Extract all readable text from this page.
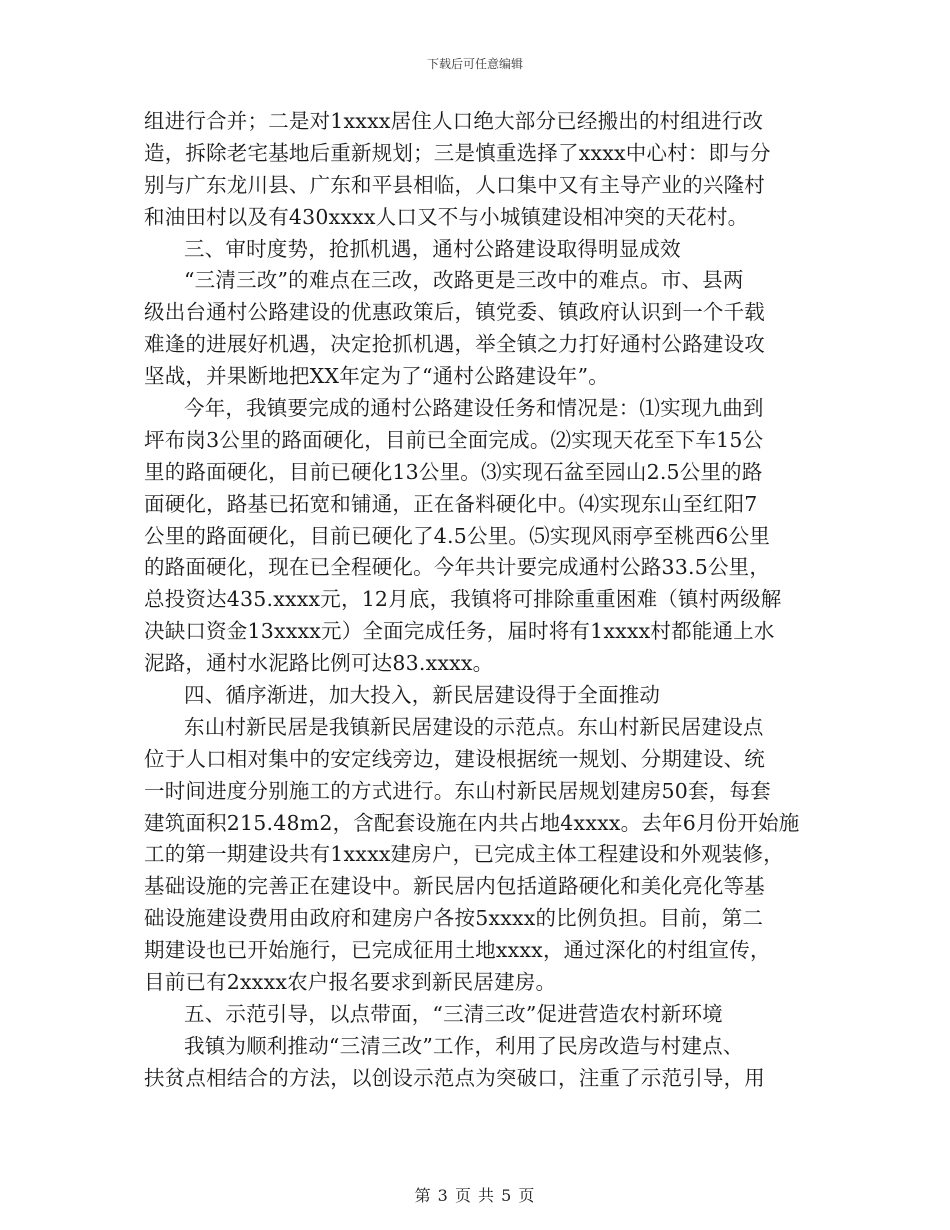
下载后可任意编辑
组进行合并；二是对1xxxx居住人口绝大部分已经搬出的村组进行改
造，拆除老宅基地后重新规划；三是慎重选择了xxxx中心村：即与分
别与广东龙川县、广东和平县相临，人口集中又有主导产业的兴隆村
和油田村以及有430xxxx人口又不与小城镇建设相冲突的天花村。
三、审时度势，抢抓机遇，通村公路建设取得明显成效
“三清三改”的难点在三改，改路更是三改中的难点。市、县两
级出台通村公路建设的优惠政策后，镇党委、镇政府认识到一个千载
难逢的进展好机遇，决定抢抓机遇，举全镇之力打好通村公路建设攻
坚战，并果断地把XX年定为了“通村公路建设年”。
今年，我镇要完成的通村公路建设任务和情况是：⑴实现九曲到
坪布岗3公里的路面硬化，目前已全面完成。⑵实现天花至下车15公
里的路面硬化，目前已硬化13公里。⑶实现石盆至园山2.5公里的路
面硬化，路基已拓宽和铺通，正在备料硬化中。⑷实现东山至红阳7
公里的路面硬化，目前已硬化了4.5公里。⑸实现风雨亭至桃西6公里
的路面硬化，现在已全程硬化。今年共计要完成通村公路33.5公里，
总投资达435.xxxx元，12月底，我镇将可排除重重困难（镇村两级解
决缺口资金13xxxx元）全面完成任务，届时将有1xxxx村都能通上水
泥路，通村水泥路比例可达83.xxxx。
四、循序渐进，加大投入，新民居建设得于全面推动
东山村新民居是我镇新民居建设的示范点。东山村新民居建设点
位于人口相对集中的安定线旁边，建设根据统一规划、分期建设、统
一时间进度分别施工的方式进行。东山村新民居规划建房50套，每套
建筑面积215.48m2，含配套设施在内共占地4xxxx。去年6月份开始施
工的第一期建设共有1xxxx建房户，已完成主体工程建设和外观装修，
基础设施的完善正在建设中。新民居内包括道路硬化和美化亮化等基
础设施建设费用由政府和建房户各按5xxxx的比例负担。目前，第二
期建设也已开始施行，已完成征用土地xxxx，通过深化的村组宣传，
目前已有2xxxx农户报名要求到新民居建房。
五、示范引导，以点带面，“三清三改”促进营造农村新环境
我镇为顺利推动“三清三改”工作，利用了民房改造与村建点、
扶贫点相结合的方法，以创设示范点为突破口，注重了示范引导，用
第 3 页 共 5 页
